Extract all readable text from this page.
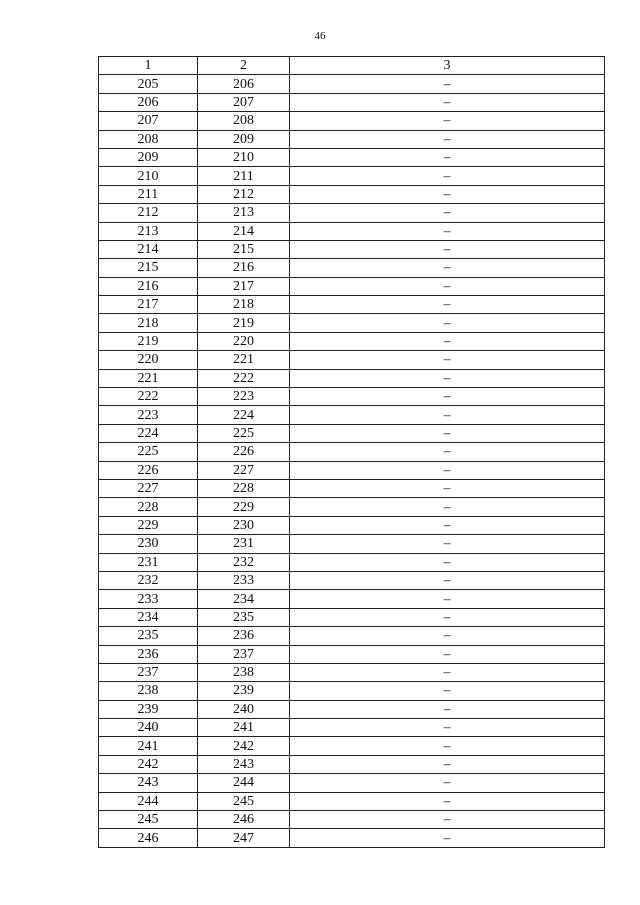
46
1	2	3
205	206	–
206	207	–
207	208	–
208	209	–
209	210	–
210	211	–
211	212	–
212	213	–
213	214	–
214	215	–
215	216	–
216	217	–
217	218	–
218	219	–
219	220	–
220	221	–
221	222	–
222	223	–
223	224	–
224	225	–
225	226	–
226	227	–
227	228	–
228	229	–
229	230	–
230	231	–
231	232	–
232	233	–
233	234	–
234	235	–
235	236	–
236	237	–
237	238	–
238	239	–
239	240	–
240	241	–
241	242	–
242	243	–
243	244	–
244	245	–
245	246	–
246	247	–
